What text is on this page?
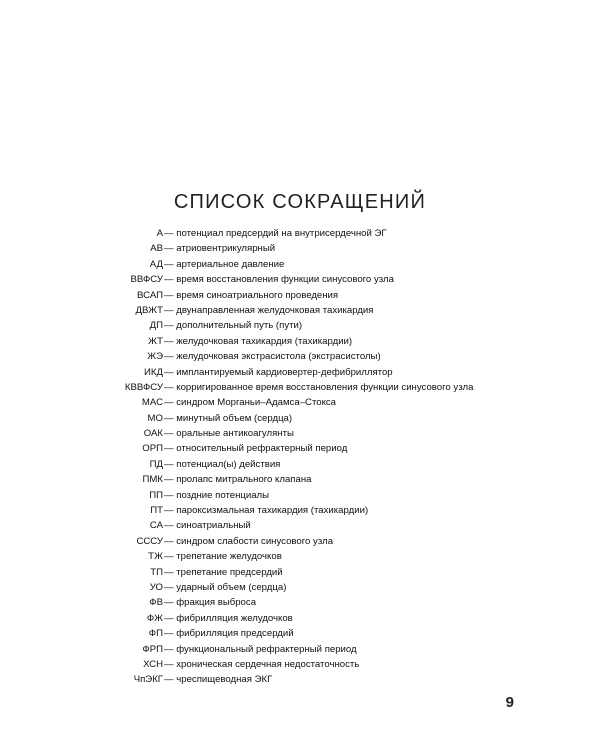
СПИСОК СОКРАЩЕНИЙ
А — потенциал предсердий на внутрисердечной ЭГ
АВ — атриовентрикулярный
АД — артериальное давление
ВВФСУ — время восстановления функции синусового узла
ВСАП — время синоатриального проведения
ДВЖТ — двунаправленная желудочковая тахикардия
ДП — дополнительный путь (пути)
ЖТ — желудочковая тахикардия (тахикардии)
ЖЭ — желудочковая экстрасистола (экстрасистолы)
ИКД — имплантируемый кардиовертер-дефибриллятор
КВВФСУ — корригированное время восстановления функции синусового узла
МАС — синдром Морганьи–Адамса–Стокса
МО — минутный объем (сердца)
ОАК — оральные антикоагулянты
ОРП — относительный рефрактерный период
ПД — потенциал(ы) действия
ПМК — пролапс митрального клапана
ПП — поздние потенциалы
ПТ — пароксизмальная тахикардия (тахикардии)
СА — синоатриальный
СССУ — синдром слабости синусового узла
ТЖ — трепетание желудочков
ТП — трепетание предсердий
УО — ударный объем (сердца)
ФВ — фракция выброса
ФЖ — фибрилляция желудочков
ФП — фибрилляция предсердий
ФРП — функциональный рефрактерный период
ХСН — хроническая сердечная недостаточность
ЧпЭКГ — чреспищеводная ЭКГ
9
